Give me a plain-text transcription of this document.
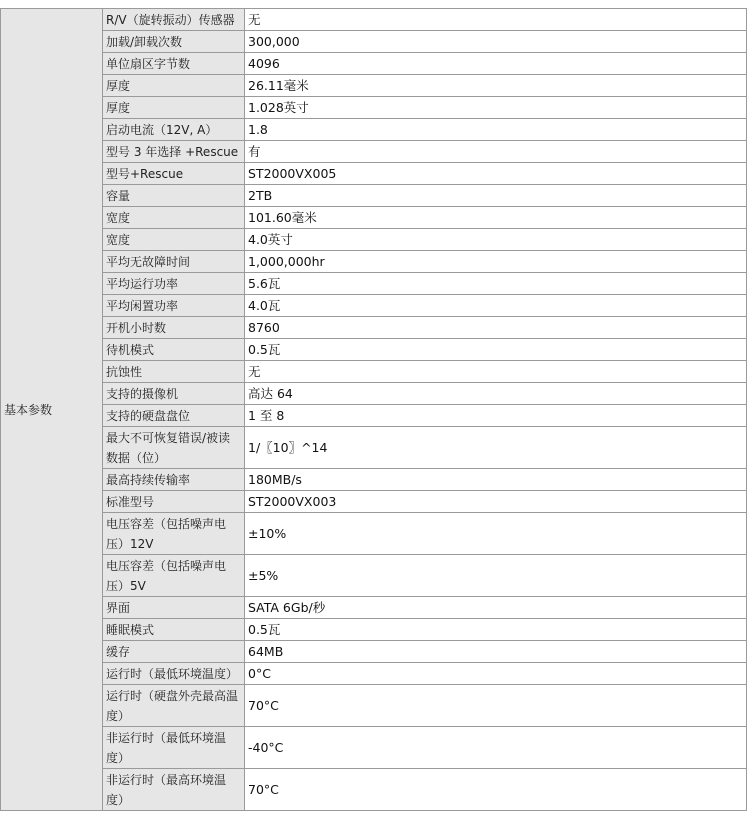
基本参数	R/V（旋转振动）传感器	无
	加载/卸载次数	300,000
	单位扇区字节数	4096
	厚度	26.11毫米
	厚度	1.028英寸
	启动电流（12V, A）	1.8
	型号 3 年选择 +Rescue	有
	型号+Rescue	ST2000VX005
	容量	2TB
	宽度	101.60毫米
	宽度	4.0英寸
	平均无故障时间	1,000,000hr
	平均运行功率	5.6瓦
	平均闲置功率	4.0瓦
	开机小时数	8760
	待机模式	0.5瓦
	抗蚀性	无
	支持的摄像机	高达 64
	支持的硬盘盘位	1 至 8
	最大不可恢复错误/被读数据（位）	1/〖10〗^14
	最高持续传输率	180MB/s
	标准型号	ST2000VX003
	电压容差（包括噪声电压）12V	±10%
	电压容差（包括噪声电压）5V	±5%
	界面	SATA 6Gb/秒
	睡眠模式	0.5瓦
	缓存	64MB
	运行时（最低环境温度）	0°C
	运行时（硬盘外壳最高温度）	70°C
	非运行时（最低环境温度）	-40°C
	非运行时（最高环境温度）	70°C
